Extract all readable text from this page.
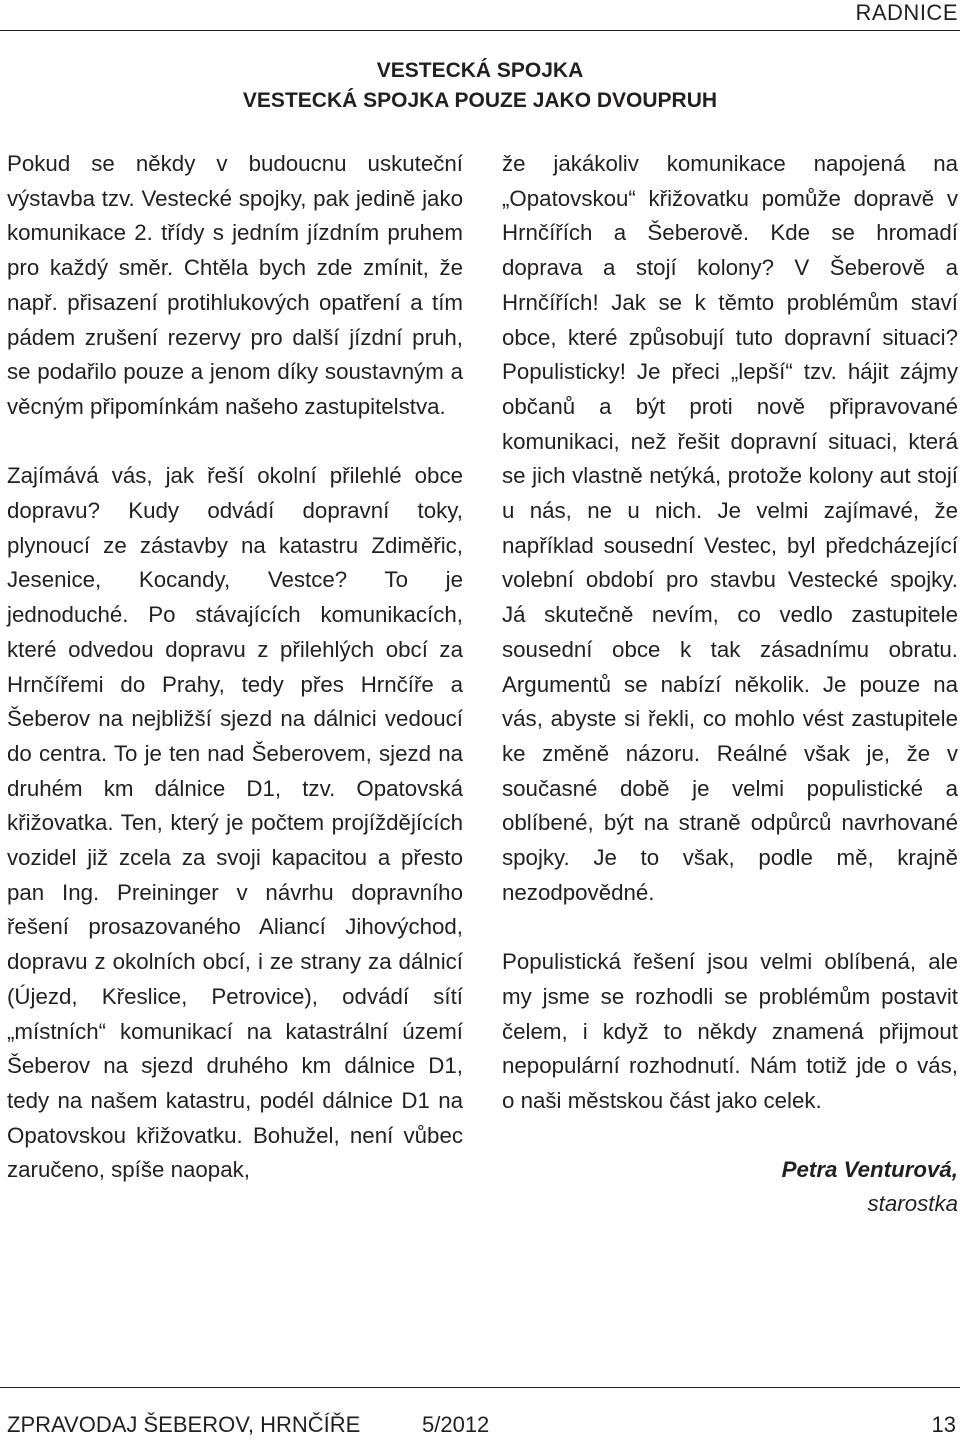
RADNICE
VESTECKÁ SPOJKA
VESTECKÁ SPOJKA POUZE JAKO DVOUPRUH

Pokud se někdy v budoucnu uskuteční výstavba tzv. Vestecké spojky, pak jedině jako komunikace 2. třídy s jedním jízdním pruhem pro každý směr. Chtěla bych zde zmínit, že např. přisazení protihlukových opatření a tím pádem zrušení rezervy pro další jízdní pruh, se podařilo pouze a jenom díky soustavným a věcným připomínkám našeho zastupitelstva.

Zajímává vás, jak řeší okolní přilehlé obce dopravu? Kudy odvádí dopravní toky, plynoucí ze zástavby na katastru Zdiměřic, Jesenice, Kocandy, Vestce? To je jednoduché. Po stávajících komunikacích, které odvedou dopravu z přilehlých obcí za Hrnčířemi do Prahy, tedy přes Hrnčíře a Šeberov na nejbližší sjezd na dálnici vedoucí do centra. To je ten nad Šeberovem, sjezd na druhém km dálnice D1, tzv. Opatovská křižovatka. Ten, který je počtem projíždějících vozidel již zcela za svoji kapacitou a přesto pan Ing. Preininger v návrhu dopravního řešení prosazovaného Aliancí Jihovýchod, dopravu z okolních obcí, i ze strany za dálnicí (Újezd, Křeslice, Petrovice), odvádí sítí „místních“ komunikací na katastrální území Šeberov na sjezd druhého km dálnice D1, tedy na našem katastru, podél dálnice D1 na Opatovskou křižovatku. Bohužel, není vůbec zaručeno, spíše naopak,

že jakákoliv komunikace napojená na „Opatovskou“ křižovatku pomůže dopravě v Hrnčířích a Šeberově. Kde se hromadí doprava a stojí kolony? V Šeberově a Hrnčířích! Jak se k těmto problémům staví obce, které způsobují tuto dopravní situaci? Populisticky! Je přeci „lepší“ tzv. hájit zájmy občanů a být proti nově připravované komunikaci, než řešit dopravní situaci, která se jich vlastně netýká, protože kolony aut stojí u nás, ne u nich. Je velmi zajímavé, že například sousední Vestec, byl předcházející volební období pro stavbu Vestecké spojky. Já skutečně nevím, co vedlo zastupitele sousední obce k tak zásadnímu obratu. Argumentů se nabízí několik. Je pouze na vás, abyste si řekli, co mohlo vést zastupitele ke změně názoru. Reálné však je, že v současné době je velmi populistické a oblíbené, být na straně odpůrců navrhované spojky. Je to však, podle mě, krajně nezodpovědné.

Populistická řešení jsou velmi oblíbená, ale my jsme se rozhodli se problémům postavit čelem, i když to někdy znamená přijmout nepopulární rozhodnutí. Nám totiž jde o vás, o naši městskou část jako celek.

Petra Venturová,
starostka
ZPRAVODAJ ŠEBEROV, HRNČÍŘE	5/2012	13
